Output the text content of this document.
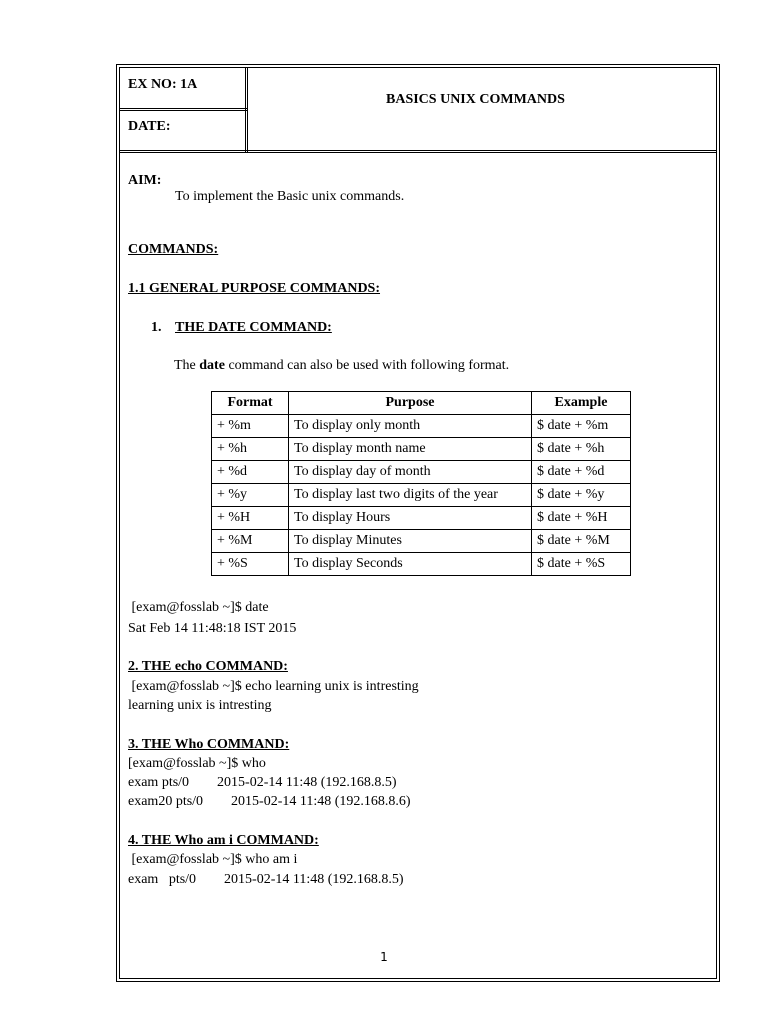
EX NO: 1A
DATE:
BASICS UNIX COMMANDS
AIM:
To implement the Basic unix commands.
COMMANDS:
1.1 GENERAL PURPOSE COMMANDS:
1. THE DATE COMMAND:
The date command can also be used with following format.
Format	Purpose	Example
+ %m	To display only month	$ date + %m
+ %h	To display month name	$ date + %h
+ %d	To display day of month	$ date + %d
+ %y	To display last two digits of the year	$ date + %y
+ %H	To display Hours	$ date + %H
+ %M	To display Minutes	$ date + %M
+ %S	To display Seconds	$ date + %S
[exam@fosslab ~]$ date
Sat Feb 14 11:48:18 IST 2015
2. THE echo COMMAND:
[exam@fosslab ~]$ echo learning unix is intresting
learning unix is intresting
3. THE Who COMMAND:
[exam@fosslab ~]$ who
exam pts/0        2015-02-14 11:48 (192.168.8.5)
exam20 pts/0        2015-02-14 11:48 (192.168.8.6)
4. THE Who am i COMMAND:
[exam@fosslab ~]$ who am i
exam   pts/0        2015-02-14 11:48 (192.168.8.5)
1
